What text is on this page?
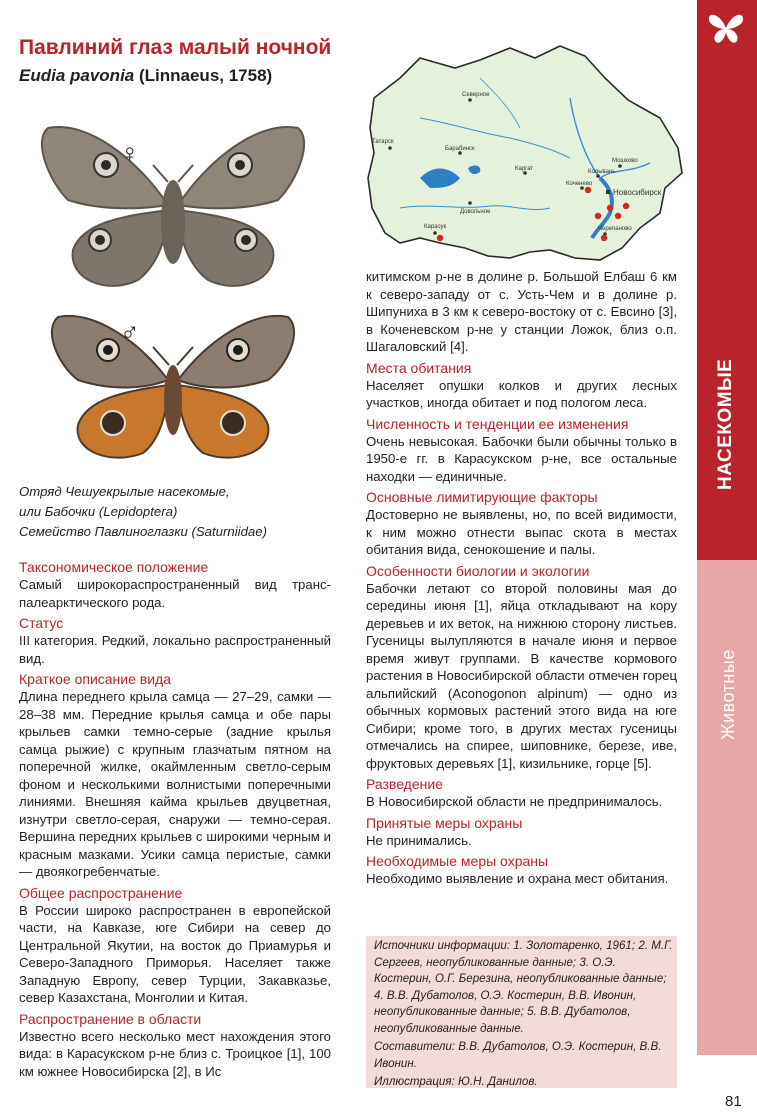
НАСЕКОМЫЕ
Животные
81
Павлиний глаз малый ночной
Eudia pavonia (Linnaeus, 1758)
♀
♂
Отряд Чешуекрылые насекомые,
или Бабочки (Lepidoptera)
Семейство Павлиноглазки (Saturniidae)
Таксономическое положение

Самый широкораспространенный вид транспалеарктического рода.

Статус

III категория. Редкий, локально распространенный вид.

Краткое описание вида

Длина переднего крыла самца — 27–29, самки — 28–38 мм. Передние крылья самца и обе пары крыльев самки темно-серые (задние крылья самца рыжие) с крупным глазчатым пятном на поперечной жилке, окаймленным светло-серым фоном и несколькими волнистыми поперечными линиями. Внешняя кайма крыльев двуцветная, изнутри светло-серая, снаружи — темно-серая. Вершина передних крыльев с широкими черным и красным мазками. Усики самца перистые, самки — двоякогребенчатые.

Общее распространение

В России широко распространен в европейской части, на Кавказе, юге Сибири на север до Центральной Якутии, на восток до Приамурья и Северо-Западного Приморья. Населяет также Западную Европу, север Турции, Закавказье, север Казахстана, Монголии и Китая.

Распространение в области

Известно всего несколько мест нахождения этого вида: в Карасукском р-не близ с. Троицкое [1], 100 км южнее Новосибирска [2], в Ис

Северное
Татарск
Барабинск
Каргат
Мошково
Колывань
Коченево
Новосибирск
Довольное
Карасук	Черепаново

китимском р-не в долине р. Большой Елбаш 6 км к северо-западу от с. Усть-Чем и в долине р. Шипуниха в 3 км к северо-востоку от с. Евсино [3], в Коченевском р-не у станции Ложок, близ о.п. Шагаловский [4].

Места обитания

Населяет опушки колков и других лесных участков, иногда обитает и под пологом леса.

Численность и тенденции ее изменения

Очень невысокая. Бабочки были обычны только в 1950-е гг. в Карасукском р-не, все остальные находки — единичные.

Основные лимитирующие факторы

Достоверно не выявлены, но, по всей видимости, к ним можно отнести выпас скота в местах обитания вида, сенокошение и палы.

Особенности биологии и экологии

Бабочки летают со второй половины мая до середины июня [1], яйца откладывают на кору деревьев и их веток, на нижнюю сторону листьев. Гусеницы вылупляются в начале июня и первое время живут группами. В качестве кормового растения в Новосибирской области отмечен горец альпийский (Aconogonon alpinum) — одно из обычных кормовых растений этого вида на юге Сибири; кроме того, в других местах гусеницы отмечались на спирее, шиповнике, березе, иве, фруктовых деревьях [1], кизильнике, горце [5].

Разведение

В Новосибирской области не предпринималось.

Принятые меры охраны

Не принимались.

Необходимые меры охраны

Необходимо выявление и охрана мест обитания.

Источники информации: 1. Золотаренко, 1961; 2. М.Г. Сергеев, неопубликованные данные; 3. О.Э. Костерин, О.Г. Березина, неопубликованные данные; 4. В.В. Дубатолов, О.Э. Костерин, В.В. Ивонин, неопубликованные данные; 5. В.В. Дубатолов, неопубликованные данные.

Составители: В.В. Дубатолов, О.Э. Костерин, В.В. Ивонин.

Иллюстрация: Ю.Н. Данилов.
